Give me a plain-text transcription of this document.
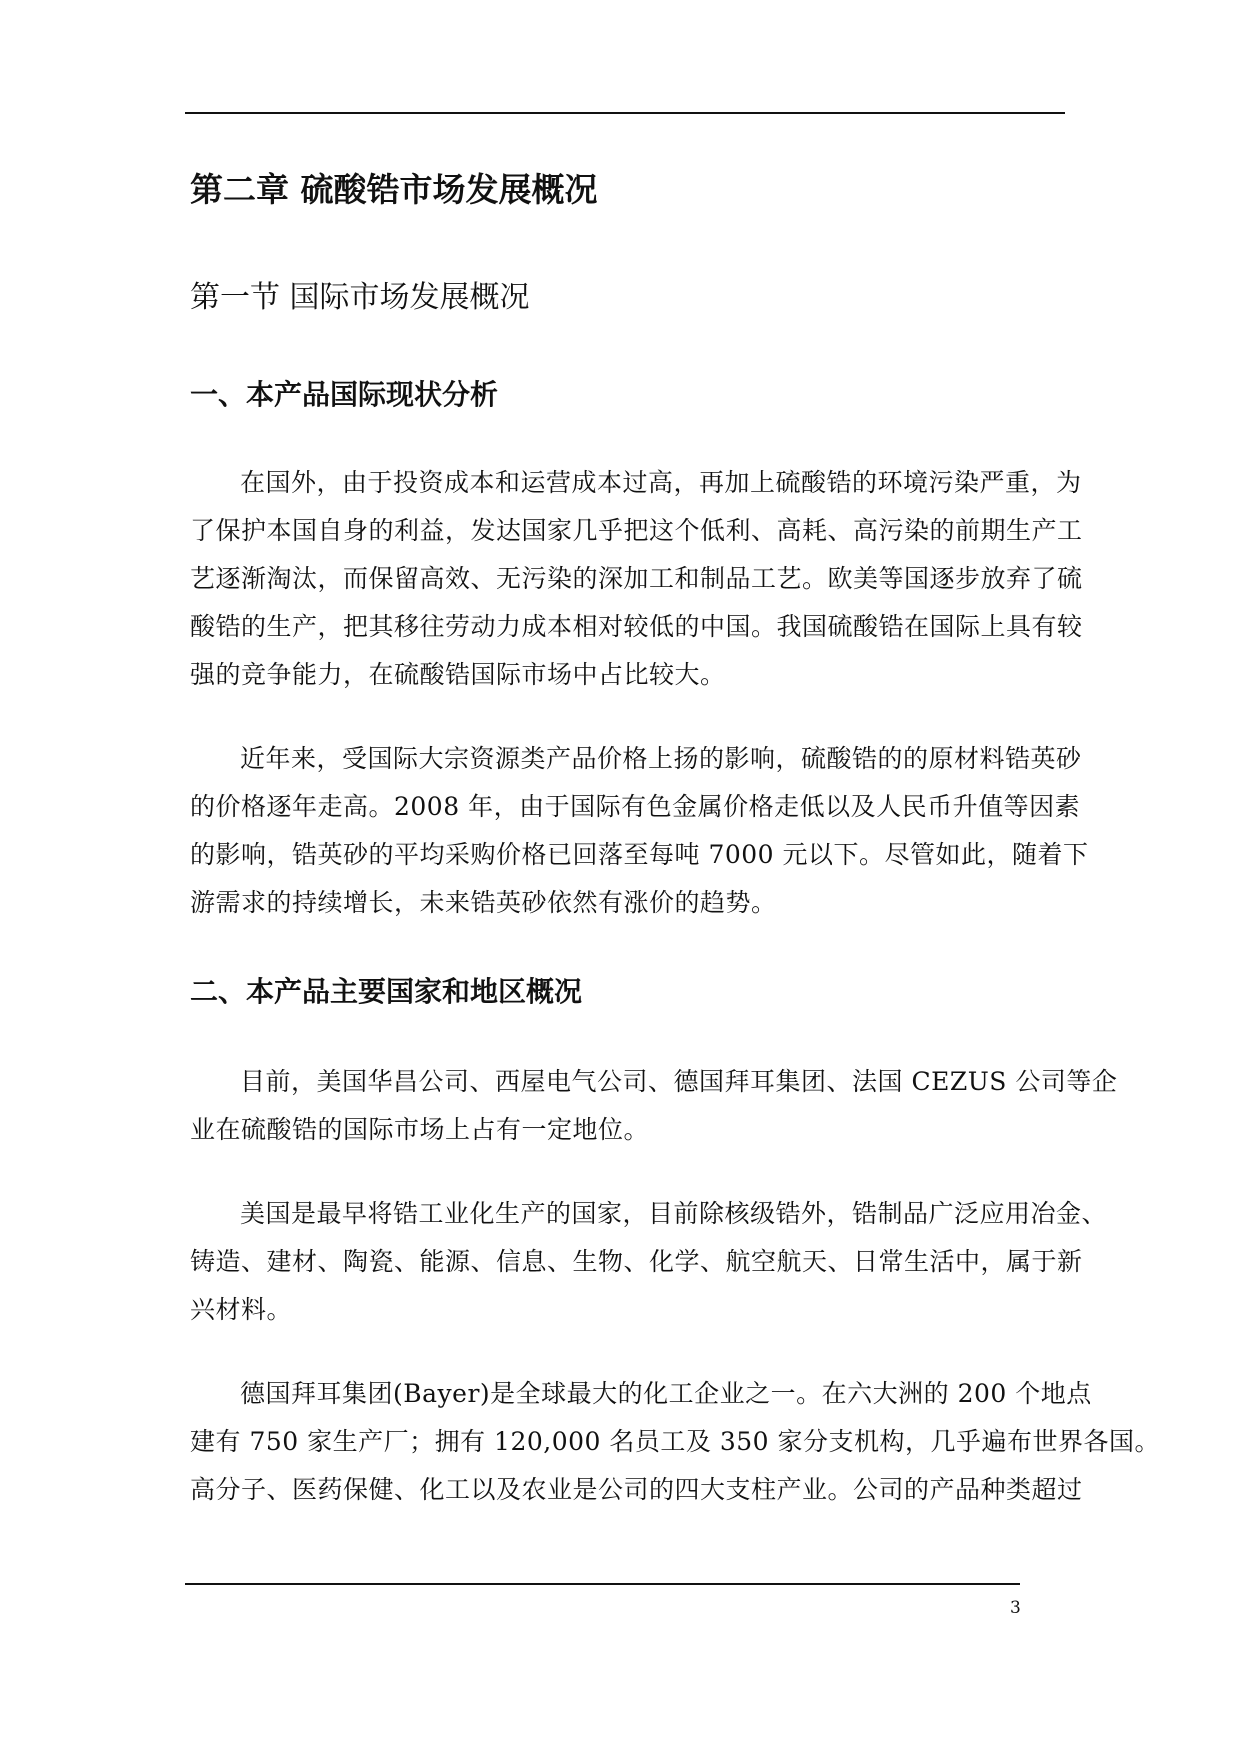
第二章 硫酸锆市场发展概况
第一节 国际市场发展概况
一、本产品国际现状分析
在国外，由于投资成本和运营成本过高，再加上硫酸锆的环境污染严重，为
了保护本国自身的利益，发达国家几乎把这个低利、高耗、高污染的前期生产工
艺逐渐淘汰，而保留高效、无污染的深加工和制品工艺。欧美等国逐步放弃了硫
酸锆的生产，把其移往劳动力成本相对较低的中国。我国硫酸锆在国际上具有较
强的竞争能力，在硫酸锆国际市场中占比较大。
近年来，受国际大宗资源类产品价格上扬的影响，硫酸锆的的原材料锆英砂
的价格逐年走高。2008 年，由于国际有色金属价格走低以及人民币升值等因素
的影响，锆英砂的平均采购价格已回落至每吨 7000 元以下。尽管如此，随着下
游需求的持续增长，未来锆英砂依然有涨价的趋势。
二、本产品主要国家和地区概况
目前，美国华昌公司、西屋电气公司、德国拜耳集团、法国 CEZUS 公司等企
业在硫酸锆的国际市场上占有一定地位。
美国是最早将锆工业化生产的国家，目前除核级锆外，锆制品广泛应用冶金、
铸造、建材、陶瓷、能源、信息、生物、化学、航空航天、日常生活中，属于新
兴材料。
德国拜耳集团(Bayer)是全球最大的化工企业之一。在六大洲的 200 个地点
建有 750 家生产厂；拥有 120,000 名员工及 350 家分支机构，几乎遍布世界各国。
高分子、医药保健、化工以及农业是公司的四大支柱产业。公司的产品种类超过
3
